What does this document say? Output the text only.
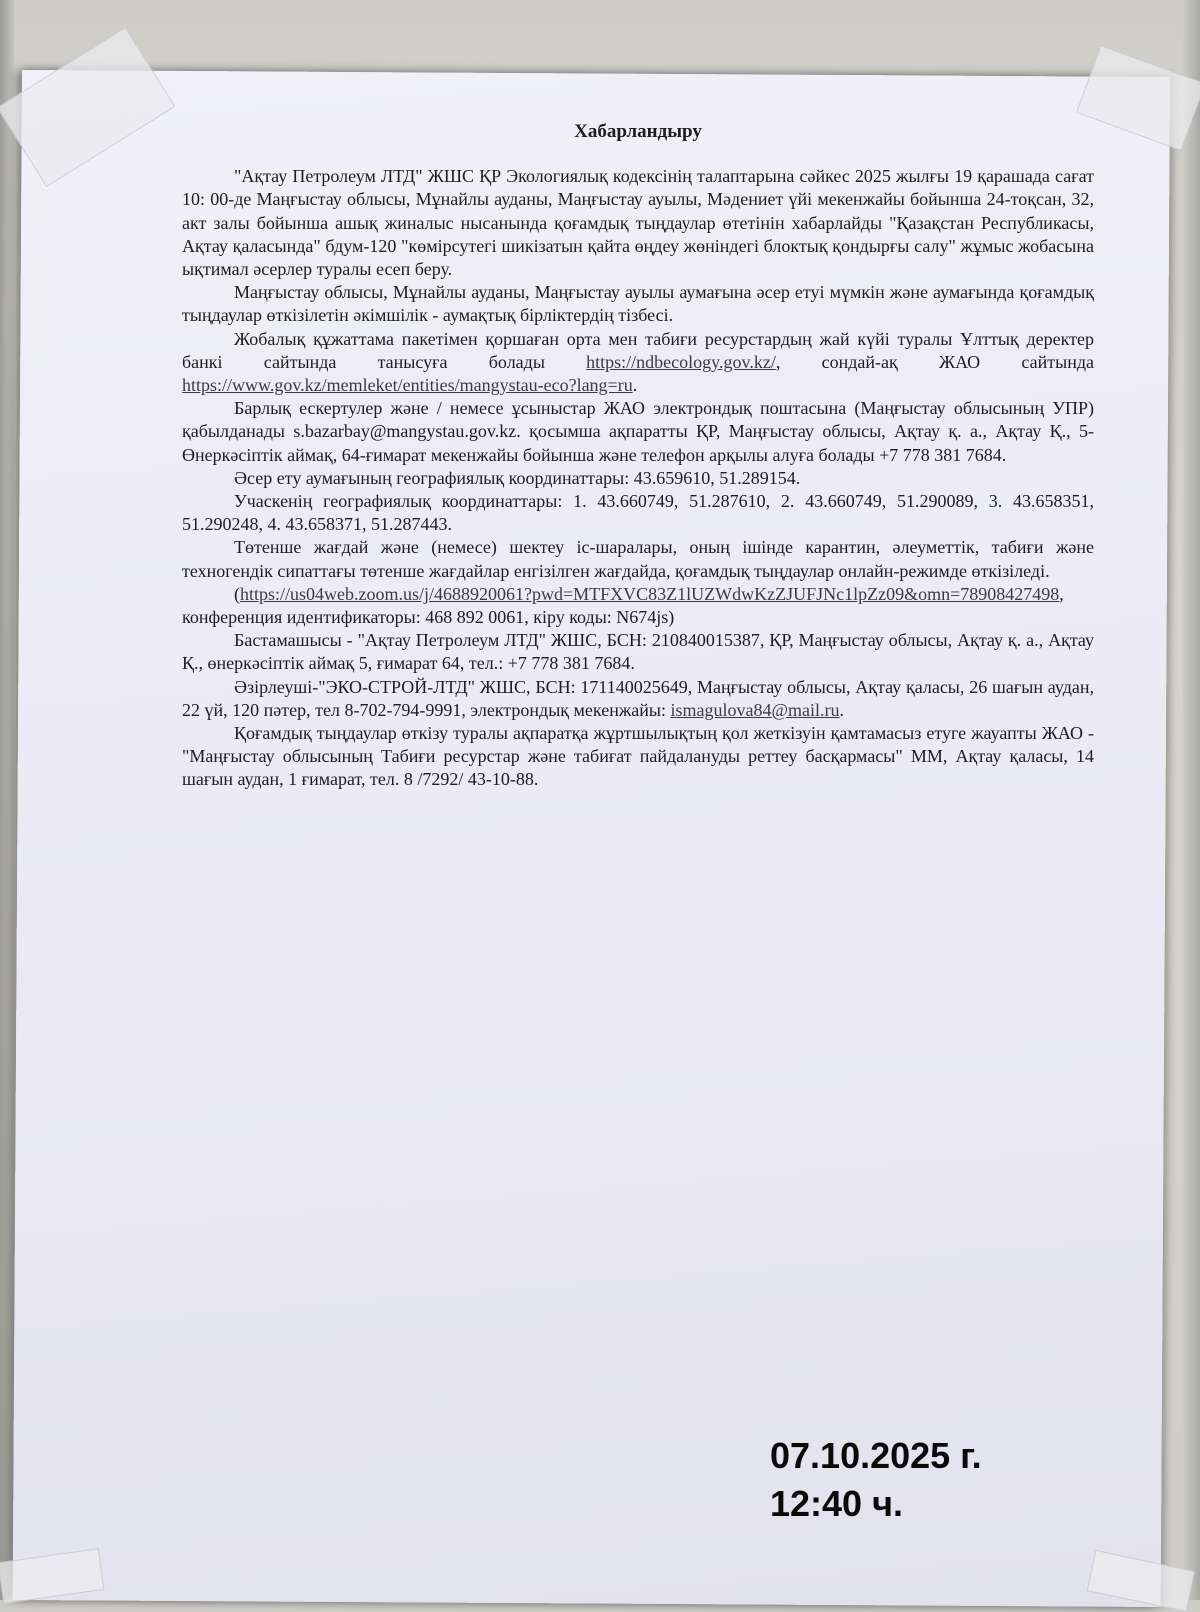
Хабарландыру

"Ақтау Петролеум ЛТД" ЖШС ҚР Экологиялық кодексінің талаптарына сәйкес 2025 жылғы 19 қарашада сағат 10: 00-де Маңғыстау облысы, Мұнайлы ауданы, Маңғыстау ауылы, Мәдениет үйі мекенжайы бойынша 24-тоқсан, 32, акт залы бойынша ашық жиналыс нысанында қоғамдық тыңдаулар өтетінін хабарлайды "Қазақстан Республикасы, Ақтау қаласында" бдум-120 "көмірсутегі шикізатын қайта өңдеу жөніндегі блоктық қондырғы салу" жұмыс жобасына ықтимал әсерлер туралы есеп беру.

Маңғыстау облысы, Мұнайлы ауданы, Маңғыстау ауылы аумағына әсер етуі мүмкін және аумағында қоғамдық тыңдаулар өткізілетін әкімшілік - аумақтық бірліктердің тізбесі.

Жобалық құжаттама пакетімен қоршаған орта мен табиғи ресурстардың жай күйі туралы Ұлттық деректер банкі сайтында танысуға болады https://ndbecology.gov.kz/, сондай-ақ ЖАО сайтында https://www.gov.kz/memleket/entities/mangystau-eco?lang=ru.

Барлық ескертулер және / немесе ұсыныстар ЖАО электрондық поштасына (Маңғыстау облысының УПР) қабылданады s.bazarbay@mangystau.gov.kz. қосымша ақпаратты ҚР, Маңғыстау облысы, Ақтау қ. а., Ақтау Қ., 5-Өнеркәсіптік аймақ, 64-ғимарат мекенжайы бойынша және телефон арқылы алуға болады +7 778 381 7684.

Әсер ету аумағының географиялық координаттары: 43.659610, 51.289154.

Учаскенің географиялық координаттары: 1. 43.660749, 51.287610, 2. 43.660749, 51.290089, 3. 43.658351, 51.290248, 4. 43.658371, 51.287443.

Төтенше жағдай және (немесе) шектеу іс-шаралары, оның ішінде карантин, әлеуметтік, табиғи және техногендік сипаттағы төтенше жағдайлар енгізілген жағдайда, қоғамдық тыңдаулар онлайн-режимде өткізіледі.

(https://us04web.zoom.us/j/4688920061?pwd=MTFXVC83Z1lUZWdwKzZJUFJNc1lpZz09&omn=78908427498, конференция идентификаторы: 468 892 0061, кіру коды: N674js)

Бастамашысы - "Ақтау Петролеум ЛТД" ЖШС, БСН: 210840015387, ҚР, Маңғыстау облысы, Ақтау қ. а., Ақтау Қ., өнеркәсіптік аймақ 5, ғимарат 64, тел.: +7 778 381 7684.

Әзірлеуші-"ЭКО-СТРОЙ-ЛТД" ЖШС, БСН: 171140025649, Маңғыстау облысы, Ақтау қаласы, 26 шағын аудан, 22 үй, 120 пәтер, тел 8-702-794-9991, электрондық мекенжайы: ismagulova84@mail.ru.

Қоғамдық тыңдаулар өткізу туралы ақпаратқа жұртшылықтың қол жеткізуін қамтамасыз етуге жауапты ЖАО - "Маңғыстау облысының Табиғи ресурстар және табиғат пайдалануды реттеу басқармасы" ММ, Ақтау қаласы, 14 шағын аудан, 1 ғимарат, тел. 8 /7292/ 43-10-88.

07.10.2025 г.
12:40 ч.
